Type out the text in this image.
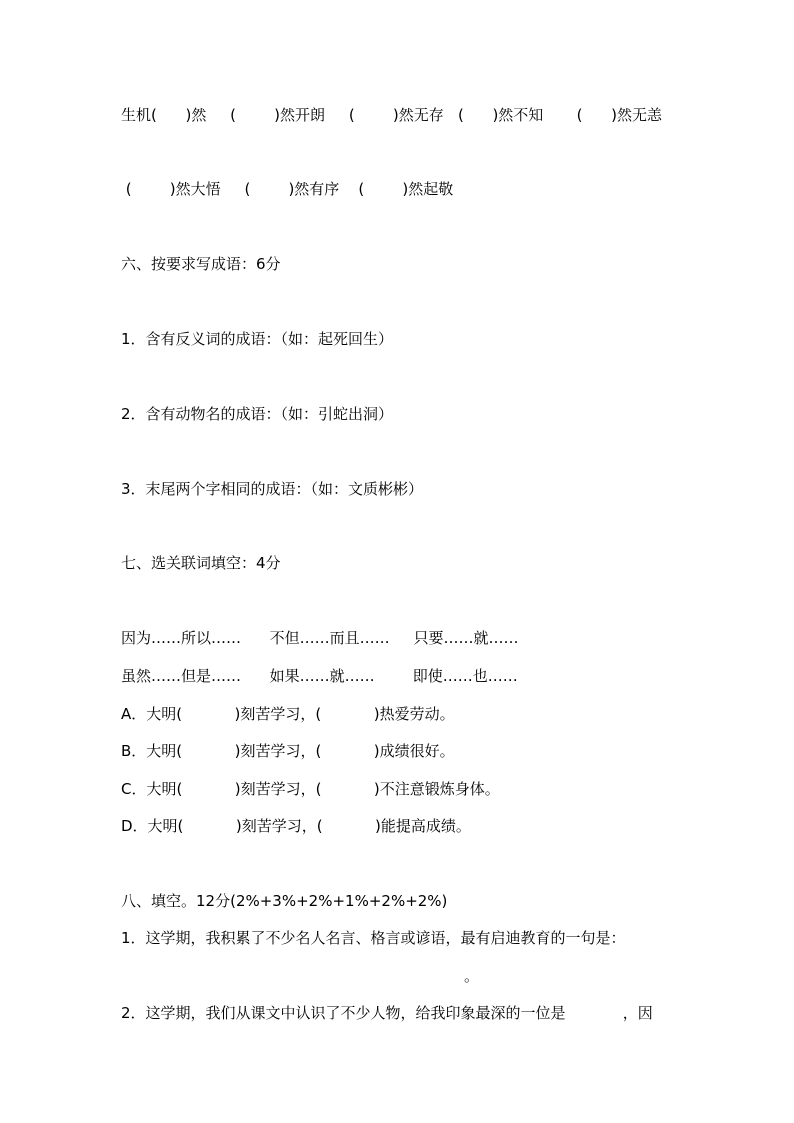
生机(      )然     (        )然开朗     (        )然无存   (      )然不知       (      )然无恙

(        )然大悟     (        )然有序    (        )然起敬

六、按要求写成语：6分

1．含有反义词的成语：（如：起死回生）

2．含有动物名的成语：（如：引蛇出洞）

3．末尾两个字相同的成语：（如：文质彬彬）

七、选关联词填空：4分

因为……所以……      不但……而且……     只要……就……

虽然……但是……      如果……就……        即使……也……

A．大明(           )刻苦学习，(           )热爱劳动。

B．大明(           )刻苦学习，(           )成绩很好。

C．大明(           )刻苦学习，(           )不注意锻炼身体。

D．大明(           )刻苦学习，(           )能提高成绩。

八、填空。12分(2%+3%+2%+1%+2%+2%)

1．这学期，我积累了不少名人名言、格言或谚语，最有启迪教育的一句是：

。

2．这学期，我们从课文中认识了不少人物，给我印象最深的一位是            ，因
